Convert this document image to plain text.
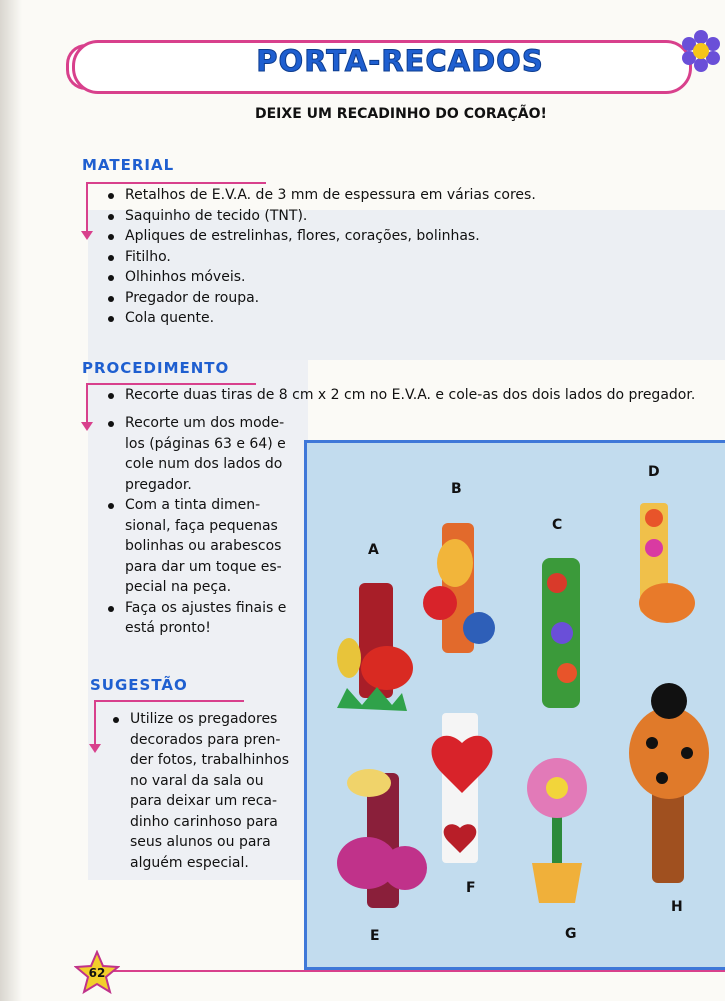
PORTA-RECADOS
DEIXE UM RECADINHO DO CORAÇÃO!
MATERIAL
Retalhos de E.V.A. de 3 mm de espessura em várias cores.
Saquinho de tecido (TNT).
Apliques de estrelinhas, flores, corações, bolinhas.
Fitilho.
Olhinhos móveis.
Pregador de roupa.
Cola quente.
PROCEDIMENTO
Recorte duas tiras de 8 cm x 2 cm no E.V.A. e cole-as dos dois lados do pregador.
Recorte um dos mode-
los (páginas 63 e 64) e
cole num dos lados do
pregador.
Com a tinta dimen-
sional, faça pequenas
bolinhas ou arabescos
para dar um toque es-
pecial na peça.
Faça os ajustes finais e
está pronto!
SUGESTÃO
Utilize os pregadores
decorados para pren-
der fotos, trabalhinhos
no varal da sala ou
para deixar um reca-
dinho carinhoso para
seus alunos ou para
alguém especial.
A
B
C
D
E
F
G
H
62
